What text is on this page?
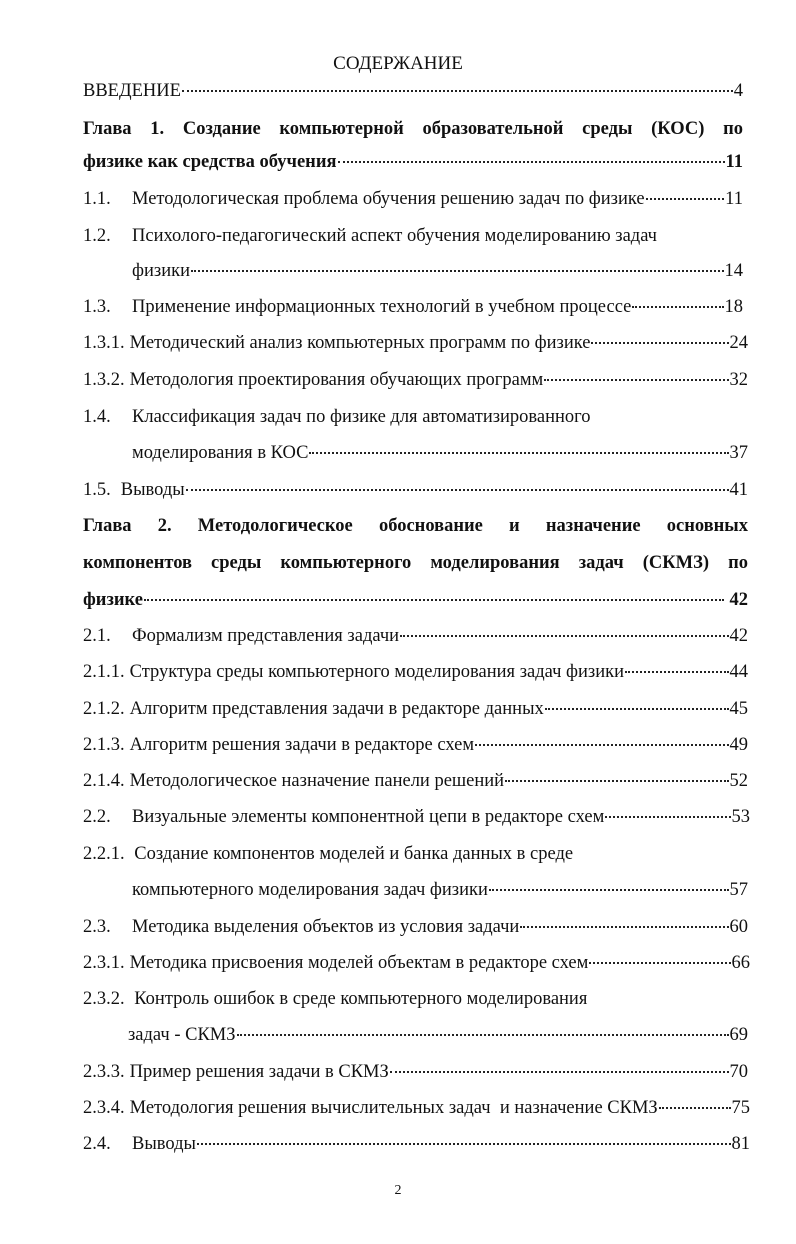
СОДЕРЖАНИЕ
ВВЕДЕНИЕ	4
Глава 1. Создание компьютерной образовательной среды (КОС) по
физике как средства обучения	11
1.1. Методологическая проблема обучения решению задач по физике	11
1.2. Психолого-педагогический аспект обучения моделированию задач
физики	14
1.3. Применение информационных технологий в учебном процессе	18
1.3.1. Методический анализ компьютерных программ по физике	24
1.3.2. Методология проектирования обучающих программ	32
1.4. Классификация задач по физике для автоматизированного
моделирования в КОС	37
1.5. Выводы	41
Глава 2. Методологическое обоснование и назначение основных
компонентов среды компьютерного моделирования задач (СКМЗ) по
физике	42
2.1. Формализм представления задачи	42
2.1.1. Структура среды компьютерного моделирования задач физики	44
2.1.2. Алгоритм представления задачи в редакторе данных	45
2.1.3. Алгоритм решения задачи в редакторе схем	49
2.1.4. Методологическое назначение панели решений	52
2.2. Визуальные элементы компонентной цепи в редакторе схем	53
2.2.1. Создание компонентов моделей и банка данных в среде
компьютерного моделирования задач физики	57
2.3. Методика выделения объектов из условия задачи	60
2.3.1. Методика присвоения моделей объектам в редакторе схем	66
2.3.2. Контроль ошибок в среде компьютерного моделирования
задач - СКМЗ	69
2.3.3. Пример решения задачи в СКМЗ	70
2.3.4. Методология решения вычислительных задач  и назначение СКМЗ	75
2.4. Выводы	81
2
